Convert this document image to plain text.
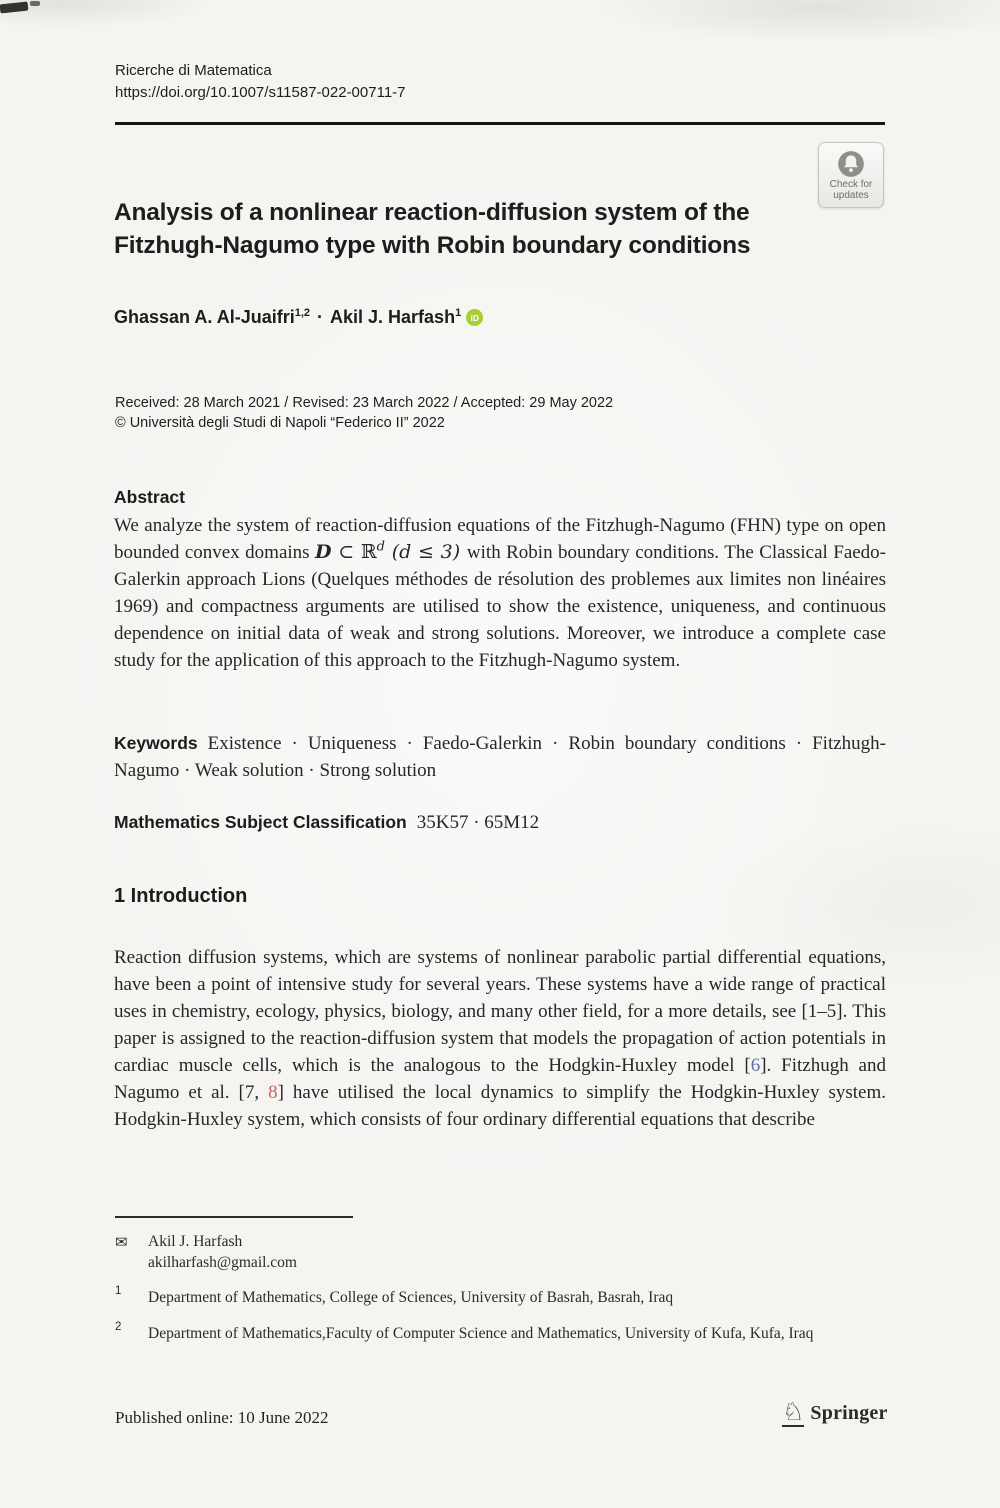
Ricerche di Matematica
https://doi.org/10.1007/s11587-022-00711-7
Check for
updates
Analysis of a nonlinear reaction-diffusion system of the
Fitzhugh-Nagumo type with Robin boundary conditions
Ghassan A. Al-Juaifri$^{1,2}$ · Akil J. Harfash$^1$	iD
Received: 28 March 2021 / Revised: 23 March 2022 / Accepted: 29 May 2022
© Università degli Studi di Napoli “Federico II” 2022
Abstract
We analyze the system of reaction-diffusion equations of the Fitzhugh-Nagumo (FHN) type on open bounded convex domains D ⊂ ℝ$^d$ (d ≤ 3) with Robin boundary conditions. The Classical Faedo-Galerkin approach Lions (Quelques méthodes de résolution des problemes aux limites non linéaires 1969) and compactness arguments are utilised to show the existence, uniqueness, and continuous dependence on initial data of weak and strong solutions. Moreover, we introduce a complete case study for the application of this approach to the Fitzhugh-Nagumo system.
Keywords Existence · Uniqueness · Faedo-Galerkin · Robin boundary conditions · Fitzhugh-Nagumo · Weak solution · Strong solution
Mathematics Subject Classification 35K57 · 65M12
1 Introduction
Reaction diffusion systems, which are systems of nonlinear parabolic partial differential equations, have been a point of intensive study for several years. These systems have a wide range of practical uses in chemistry, ecology, physics, biology, and many other field, for a more details, see [1–5]. This paper is assigned to the reaction-diffusion system that models the propagation of action potentials in cardiac muscle cells, which is the analogous to the Hodgkin-Huxley model [6]. Fitzhugh and Nagumo et al. [7, 8] have utilised the local dynamics to simplify the Hodgkin-Huxley system. Hodgkin-Huxley system, which consists of four ordinary differential equations that describe
✉	Akil J. Harfash
akilharfash@gmail.com
1	Department of Mathematics, College of Sciences, University of Basrah, Basrah, Iraq
2	Department of Mathematics,Faculty of Computer Science and Mathematics, University of Kufa, Kufa, Iraq
Published online: 10 June 2022	♘ Springer
